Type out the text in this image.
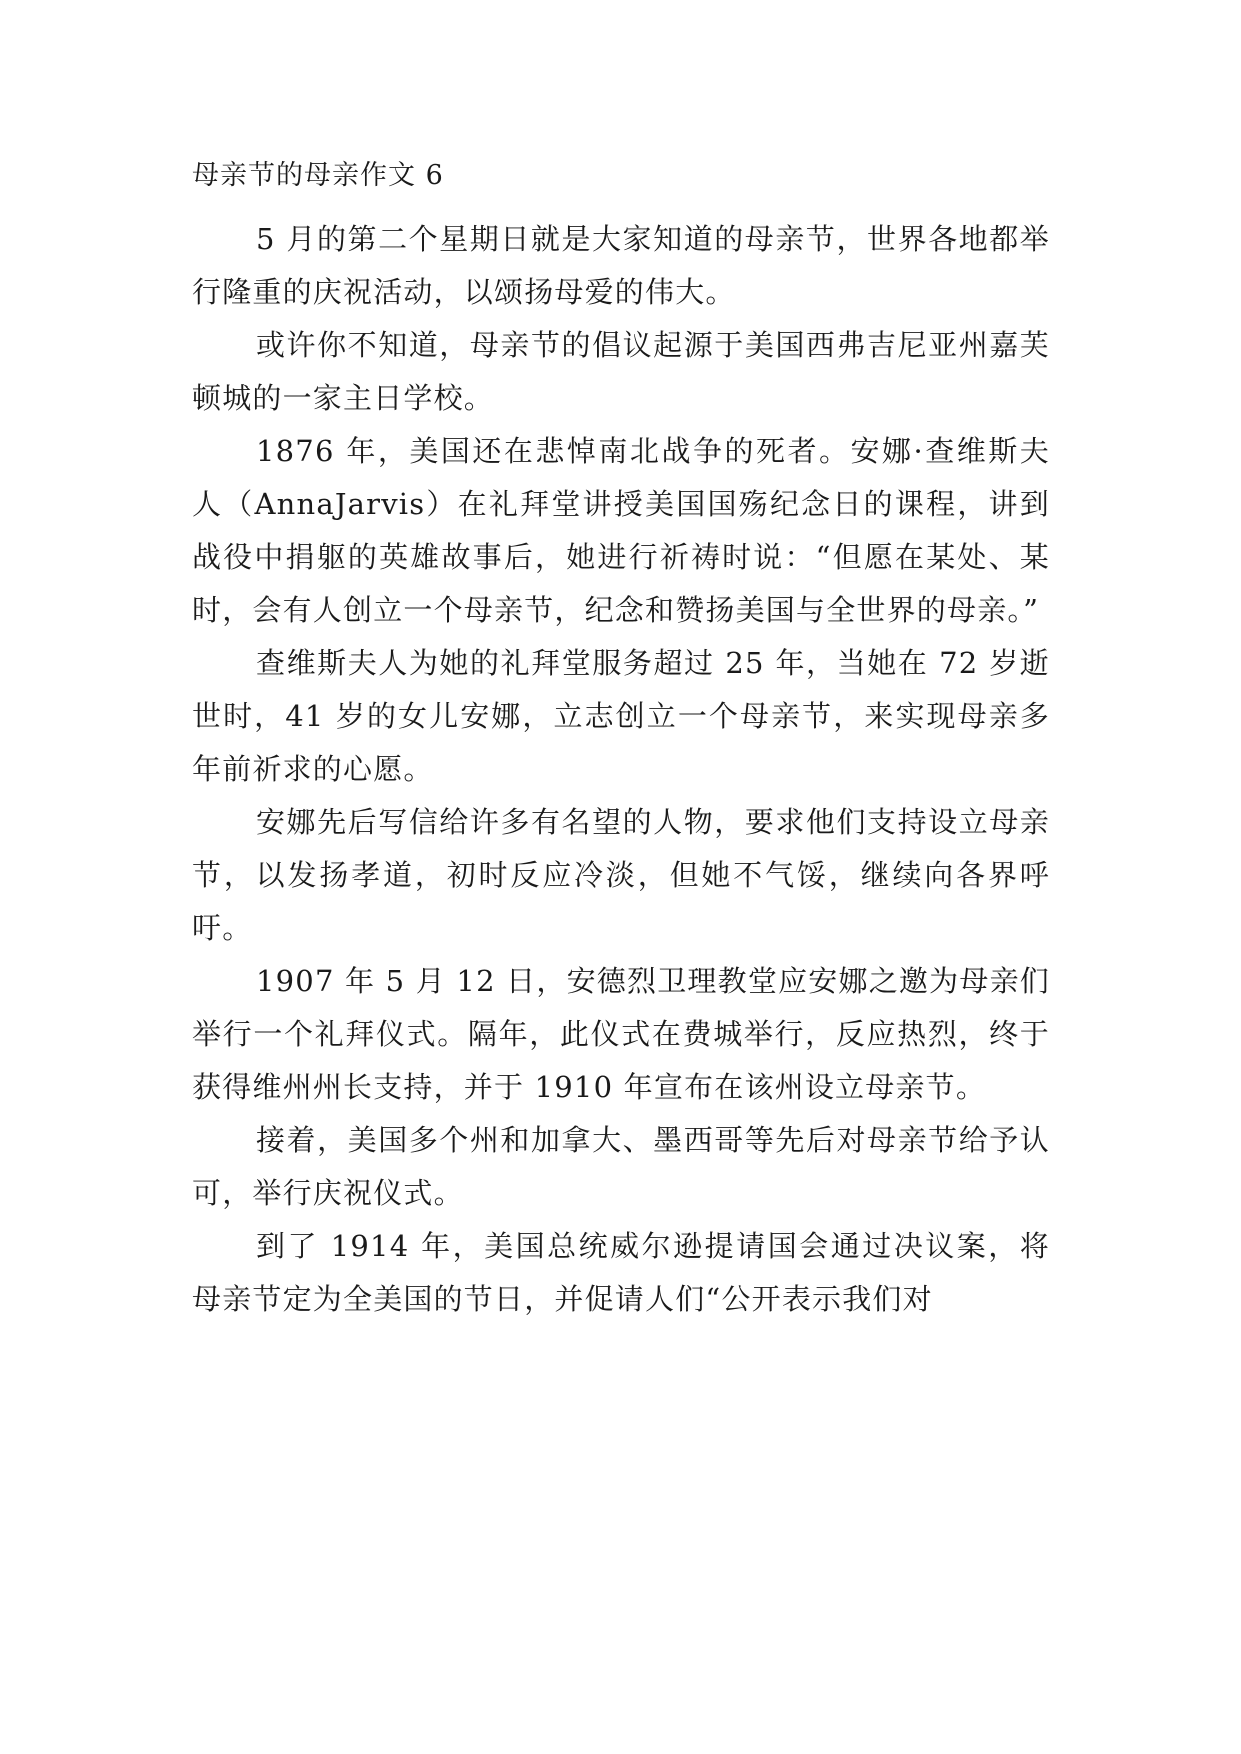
母亲节的母亲作文 6

5 月的第二个星期日就是大家知道的母亲节，世界各地都举行隆重的庆祝活动，以颂扬母爱的伟大。

或许你不知道，母亲节的倡议起源于美国西弗吉尼亚州嘉芙顿城的一家主日学校。

1876 年，美国还在悲悼南北战争的死者。安娜·查维斯夫人（AnnaJarvis）在礼拜堂讲授美国国殇纪念日的课程，讲到战役中捐躯的英雄故事后，她进行祈祷时说：“但愿在某处、某时，会有人创立一个母亲节，纪念和赞扬美国与全世界的母亲。”

查维斯夫人为她的礼拜堂服务超过 25 年，当她在 72 岁逝世时，41 岁的女儿安娜，立志创立一个母亲节，来实现母亲多年前祈求的心愿。

安娜先后写信给许多有名望的人物，要求他们支持设立母亲节，以发扬孝道，初时反应冷淡，但她不气馁，继续向各界呼吁。

1907 年 5 月 12 日，安德烈卫理教堂应安娜之邀为母亲们举行一个礼拜仪式。隔年，此仪式在费城举行，反应热烈，终于获得维州州长支持，并于 1910 年宣布在该州设立母亲节。

接着，美国多个州和加拿大、墨西哥等先后对母亲节给予认可，举行庆祝仪式。

到了 1914 年，美国总统威尔逊提请国会通过决议案，将母亲节定为全美国的节日，并促请人们“公开表示我们对
